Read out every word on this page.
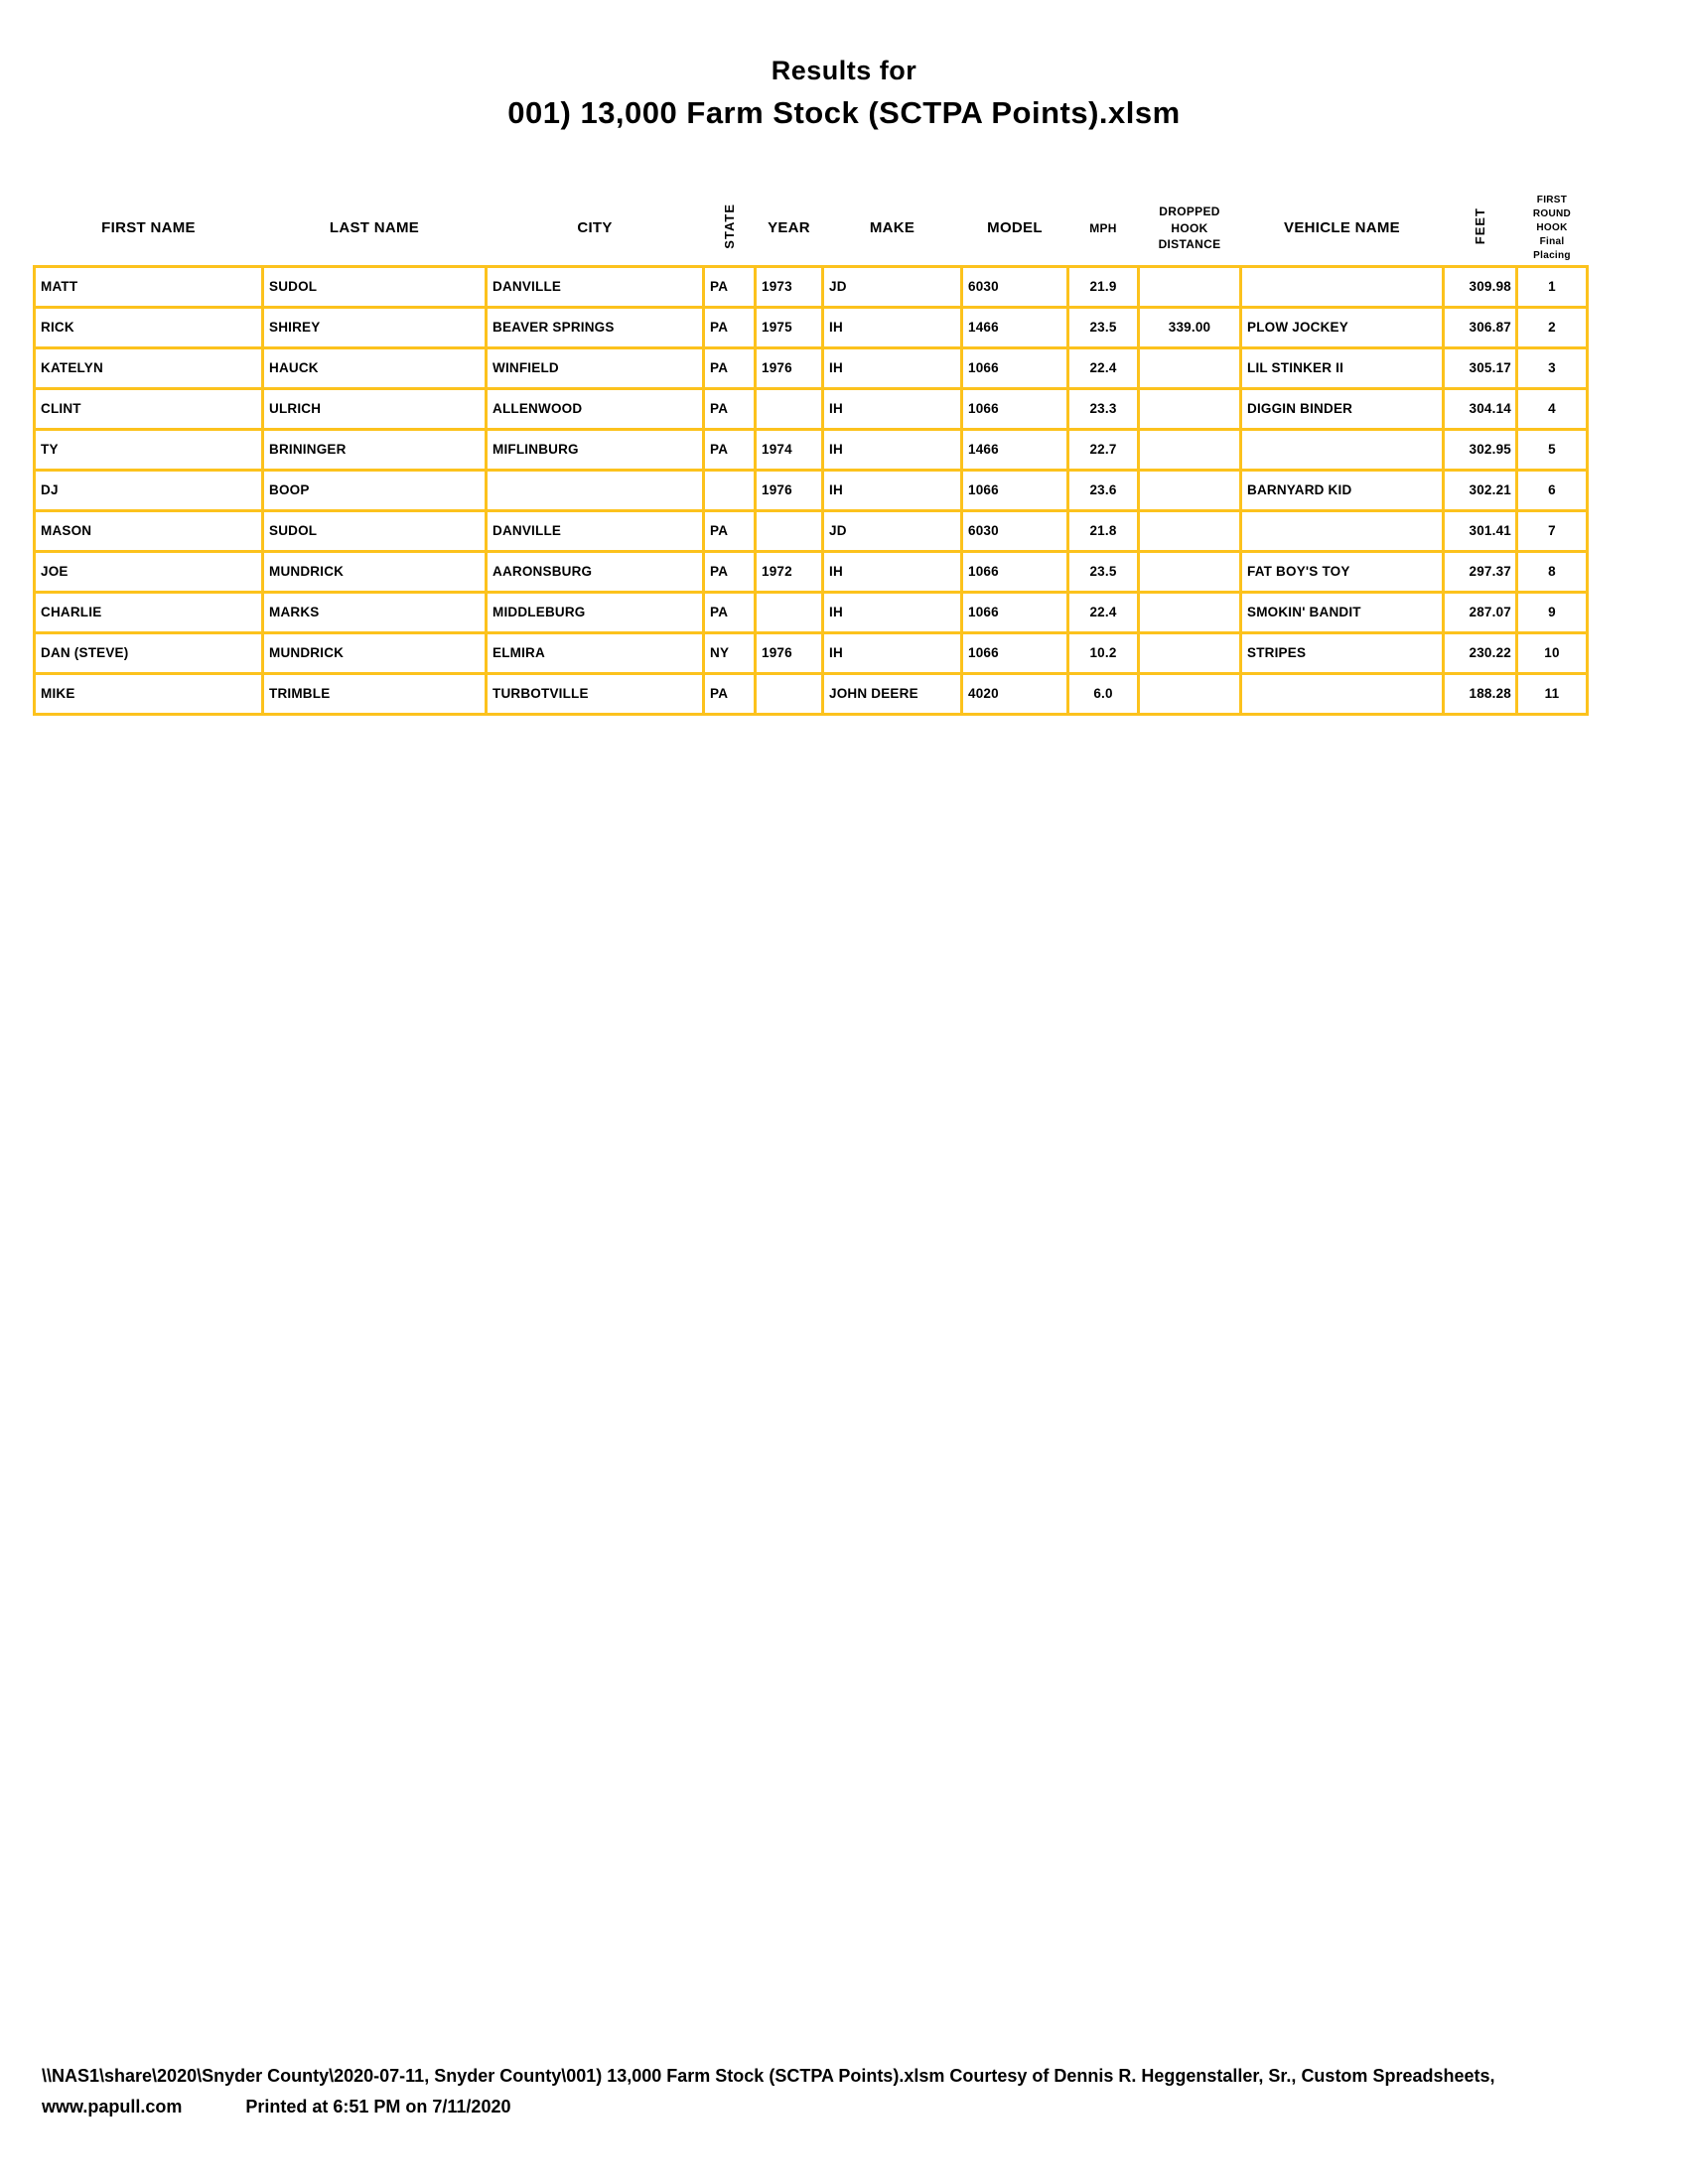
Results for
001) 13,000 Farm Stock (SCTPA Points).xlsm
FIRST NAME	LAST NAME	CITY	STATE	YEAR	MAKE	MODEL	MPH	DROPPED HOOK DISTANCE	VEHICLE NAME	FEET	FIRST ROUND HOOK
Final Placing

MATT	SUDOL	DANVILLE	PA	1973	JD	6030	21.9			309.98	1
RICK	SHIREY	BEAVER SPRINGS	PA	1975	IH	1466	23.5	339.00	PLOW JOCKEY	306.87	2
KATELYN	HAUCK	WINFIELD	PA	1976	IH	1066	22.4		LIL STINKER II	305.17	3
CLINT	ULRICH	ALLENWOOD	PA		IH	1066	23.3		DIGGIN BINDER	304.14	4
TY	BRININGER	MIFLINBURG	PA	1974	IH	1466	22.7			302.95	5
DJ	BOOP			1976	IH	1066	23.6		BARNYARD KID	302.21	6
MASON	SUDOL	DANVILLE	PA		JD	6030	21.8			301.41	7
JOE	MUNDRICK	AARONSBURG	PA	1972	IH	1066	23.5		FAT BOY'S TOY	297.37	8
CHARLIE	MARKS	MIDDLEBURG	PA		IH	1066	22.4		SMOKIN' BANDIT	287.07	9
DAN (STEVE)	MUNDRICK	ELMIRA	NY	1976	IH	1066	10.2		STRIPES	230.22	10
MIKE	TRIMBLE	TURBOTVILLE	PA		JOHN DEERE	4020	6.0			188.28	11
\\NAS1\share\2020\Snyder County\2020-07-11, Snyder County\001) 13,000 Farm Stock (SCTPA Points).xlsm Courtesy of Dennis R. Heggenstaller, Sr., Custom Spreadsheets,
www.papull.com	Printed at 6:51 PM on 7/11/2020
